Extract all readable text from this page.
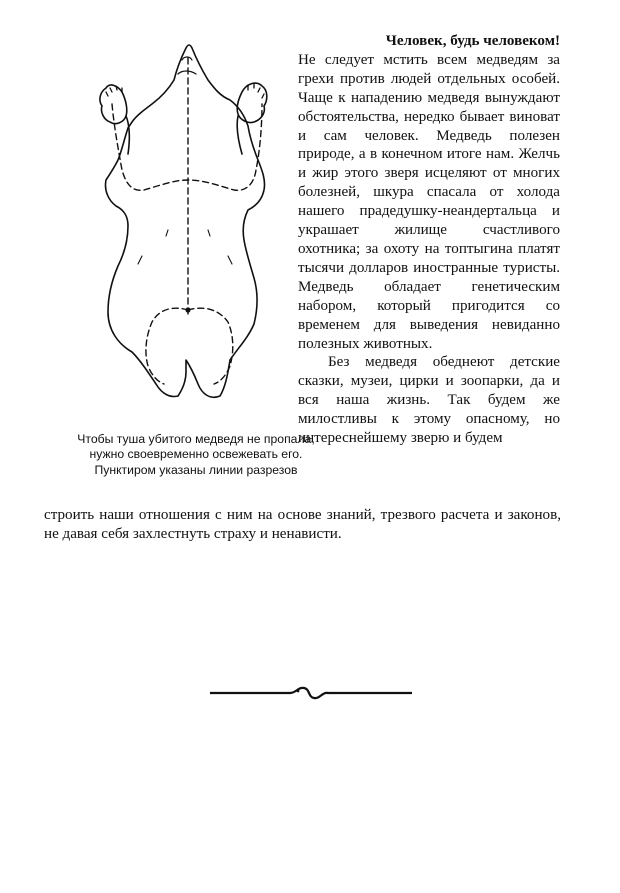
Чтобы туша убитого медведя не пропала, нужно своевременно освежевать его. Пунктиром указаны линии разрезов

Человек, будь человеком!

Не следует мстить всем медведям за грехи против людей отдельных особей. Чаще к нападению медведя вынуждают обстоятельства, нередко бывает виноват и сам человек. Медведь полезен природе, а в конечном итоге нам. Желчь и жир этого зверя исцеляют от многих болезней, шкура спасала от холода нашего прадедушку-неандертальца и украшает жилище счастливого охотника; за охоту на топтыгина платят тысячи долларов иностранные туристы. Медведь обладает генетическим набором, который пригодится со временем для выведения невиданно полезных животных.

Без медведя обеднеют детские сказки, музеи, цирки и зоопарки, да и вся наша жизнь. Так будем же милостливы к этому опасному, но интереснейшему зверю и будем

строить наши отношения с ним на основе знаний, трезвого расчета и законов, не давая себя захлестнуть страху и ненависти.
